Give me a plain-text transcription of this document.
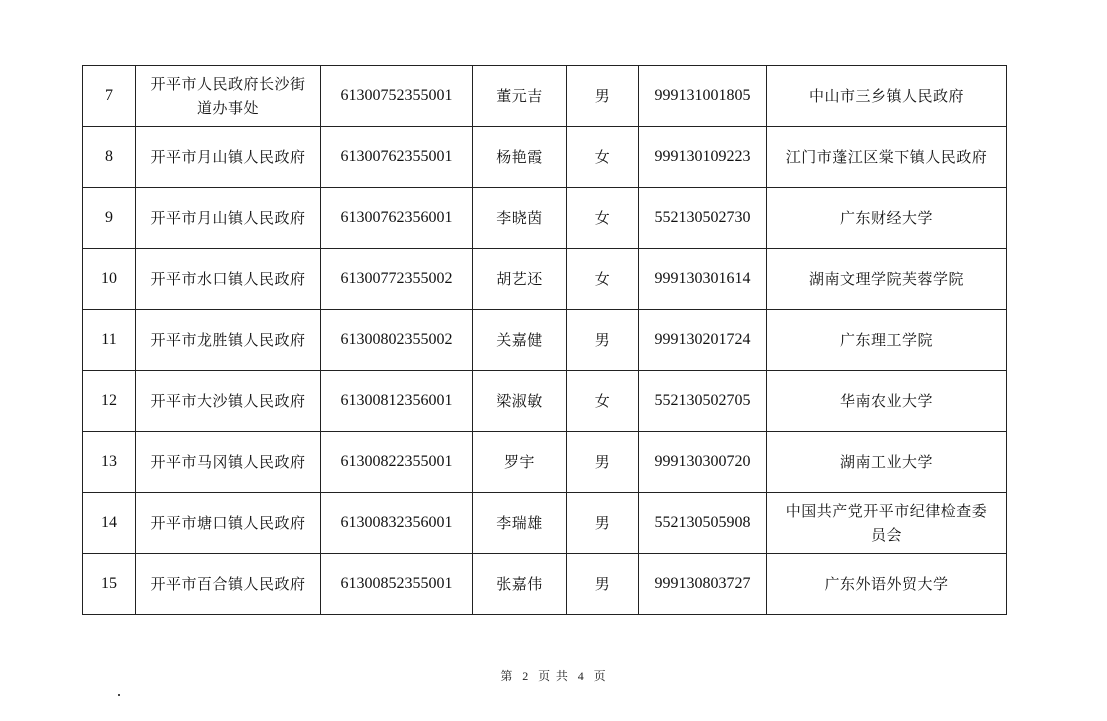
7	开平市人民政府长沙街道办事处	61300752355001	董元吉	男	999131001805	中山市三乡镇人民政府
8	开平市月山镇人民政府	61300762355001	杨艳霞	女	999130109223	江门市蓬江区棠下镇人民政府
9	开平市月山镇人民政府	61300762356001	李晓茵	女	552130502730	广东财经大学
10	开平市水口镇人民政府	61300772355002	胡艺还	女	999130301614	湖南文理学院芙蓉学院
11	开平市龙胜镇人民政府	61300802355002	关嘉健	男	999130201724	广东理工学院
12	开平市大沙镇人民政府	61300812356001	梁淑敏	女	552130502705	华南农业大学
13	开平市马冈镇人民政府	61300822355001	罗宇	男	999130300720	湖南工业大学
14	开平市塘口镇人民政府	61300832356001	李瑞雄	男	552130505908	中国共产党开平市纪律检查委员会
15	开平市百合镇人民政府	61300852355001	张嘉伟	男	999130803727	广东外语外贸大学
第 2 页 共 4 页
